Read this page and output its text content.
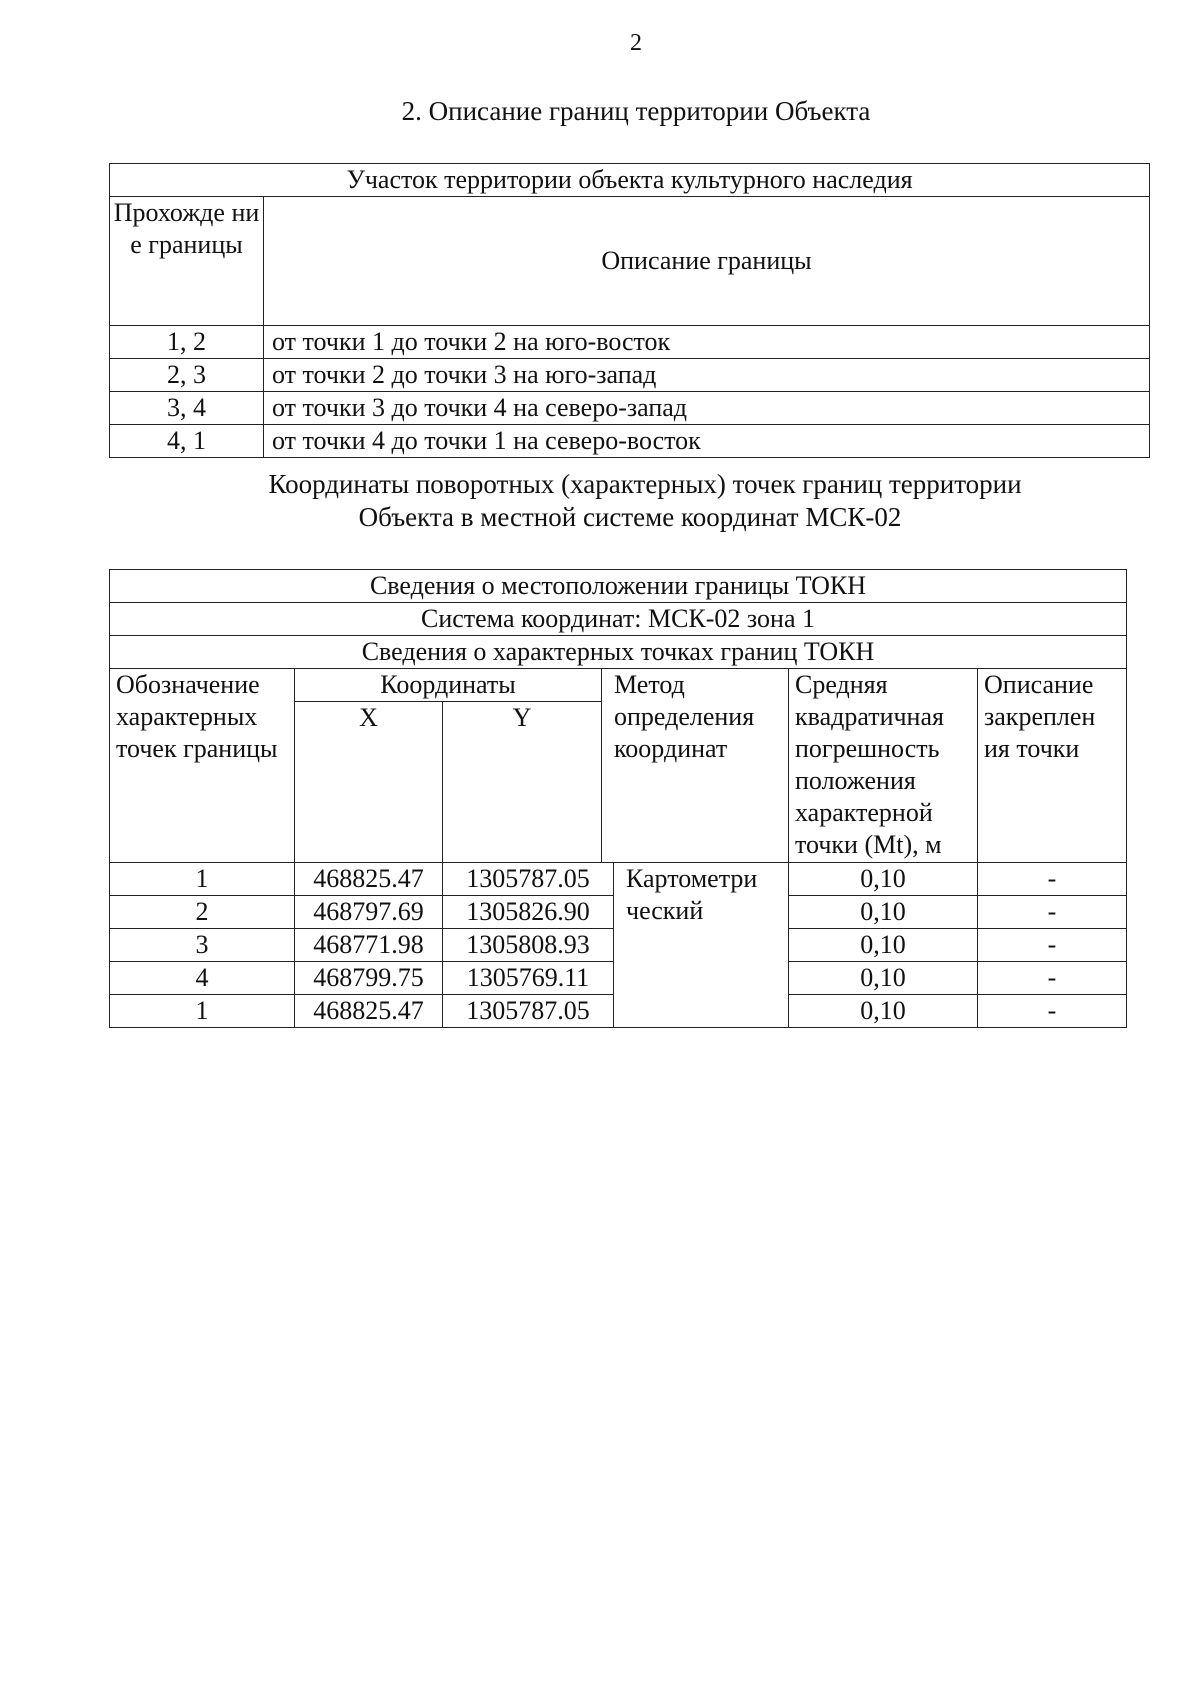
2
2. Описание границ территории Объекта
Участок территории объекта культурного наследия	
Прохожде ние границы	Описание границы
1, 2	от точки 1 до точки 2 на юго-восток
2, 3	от точки 2 до точки 3 на юго-запад
3, 4	от точки 3 до точки 4 на северо-запад
4, 1	от точки 4 до точки 1 на северо-восток
Координаты поворотных (характерных) точек границ территории
Объекта в местной системе координат МСК-02
Сведения о местоположении границы ТОКН						
Система координат: МСК-02 зона 1						
Сведения о характерных точках границ ТОКН						
Обозначение характерных точек границы	Координаты		Метод определения координат		Средняя квадратичная погрешность положения характерной точки (Mt), м	Описание закреплен ия точки
	X	Y				
1	468825.47	1305787.05		Картометри ческий	0,10	-
2	468797.69	1305826.90			0,10	-
3	468771.98	1305808.93			0,10	-
4	468799.75	1305769.11			0,10	-
1	468825.47	1305787.05			0,10	-
